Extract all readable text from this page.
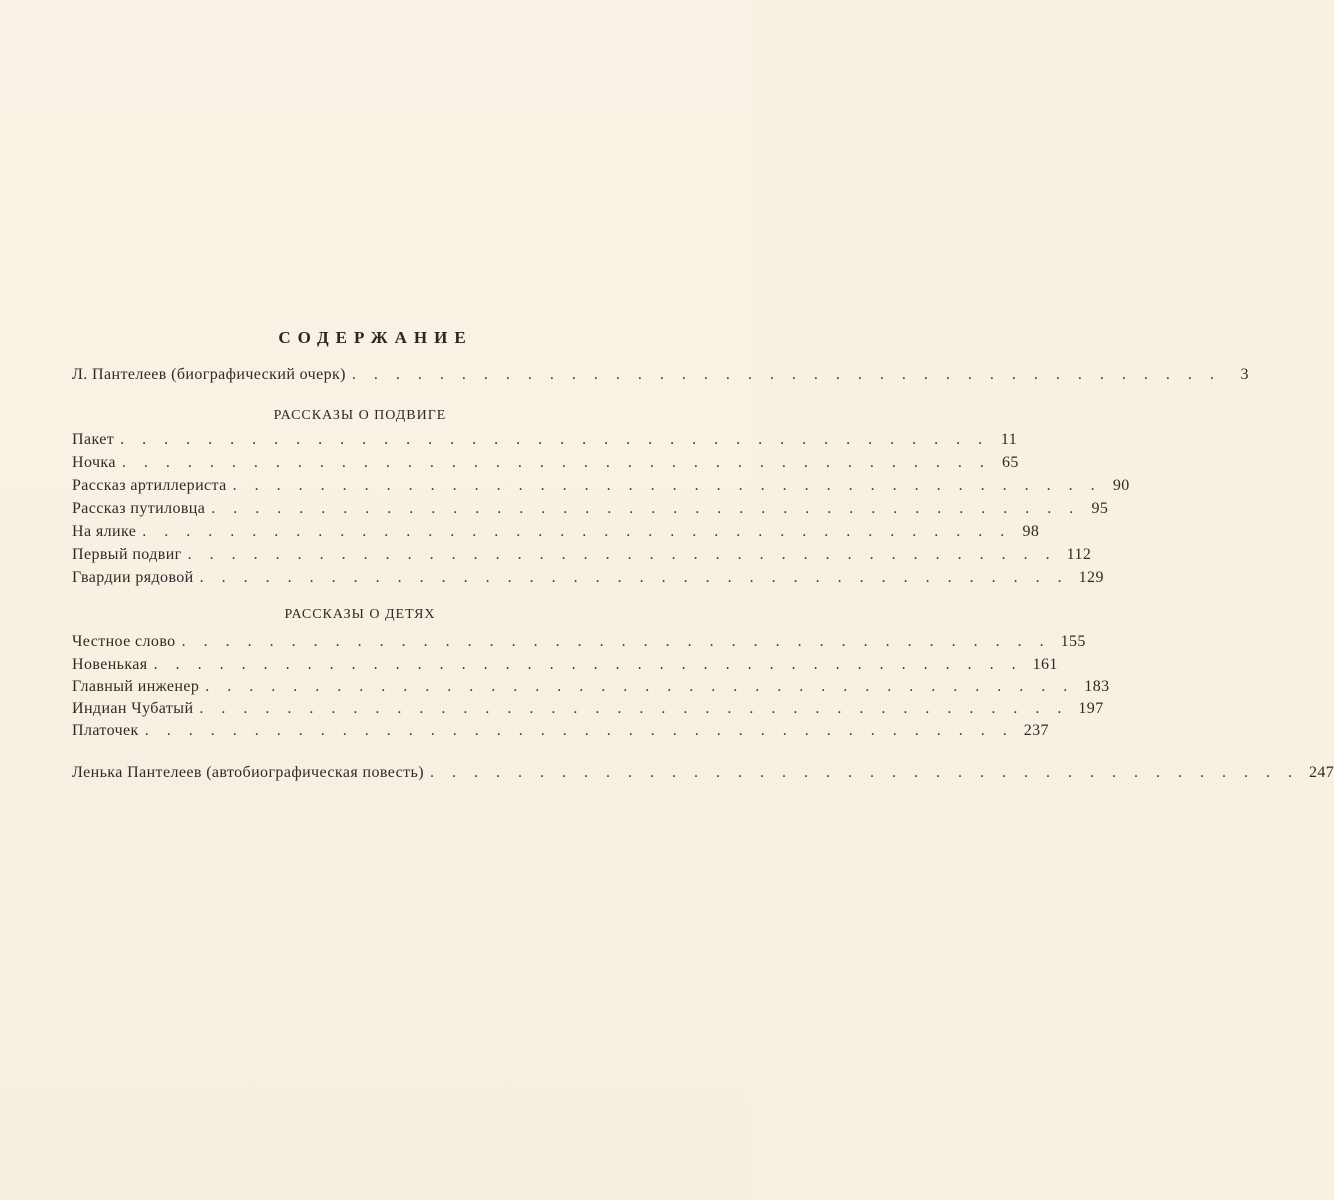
СОДЕРЖАНИЕ
Л. Пантелеев (биографический очерк) . . . . . . . . . . . . . . . . . . . . . . . . . . . . . . . . . . . . . . . .	3
РАССКАЗЫ О ПОДВИГЕ
Пакет . . . . . . . . . . . . . . . . . . . . . . . . . . . . . . . . . . . . . . . . 11
Ночка . . . . . . . . . . . . . . . . . . . . . . . . . . . . . . . . . . . . . . . . 65
Рассказ артиллериста . . . . . . . . . . . . . . . . . . . . . . . . . . . . . . . . . . . . . . . . 90
Рассказ путиловца . . . . . . . . . . . . . . . . . . . . . . . . . . . . . . . . . . . . . . . . 95
На ялике . . . . . . . . . . . . . . . . . . . . . . . . . . . . . . . . . . . . . . . . 98
Первый подвиг . . . . . . . . . . . . . . . . . . . . . . . . . . . . . . . . . . . . . . . . 112
Гвардии рядовой . . . . . . . . . . . . . . . . . . . . . . . . . . . . . . . . . . . . . . . . 129
РАССКАЗЫ О ДЕТЯХ
Честное слово . . . . . . . . . . . . . . . . . . . . . . . . . . . . . . . . . . . . . . . . 155
Новенькая . . . . . . . . . . . . . . . . . . . . . . . . . . . . . . . . . . . . . . . . 161
Главный инженер . . . . . . . . . . . . . . . . . . . . . . . . . . . . . . . . . . . . . . . . 183
Индиан Чубатый . . . . . . . . . . . . . . . . . . . . . . . . . . . . . . . . . . . . . . . . 197
Платочек . . . . . . . . . . . . . . . . . . . . . . . . . . . . . . . . . . . . . . . . 237
Ленька Пантелеев (автобиографическая повесть) . . . . . . . . . . . . . . . . . . . . . . . . . . . . . . . . . . . . . . . . 247
